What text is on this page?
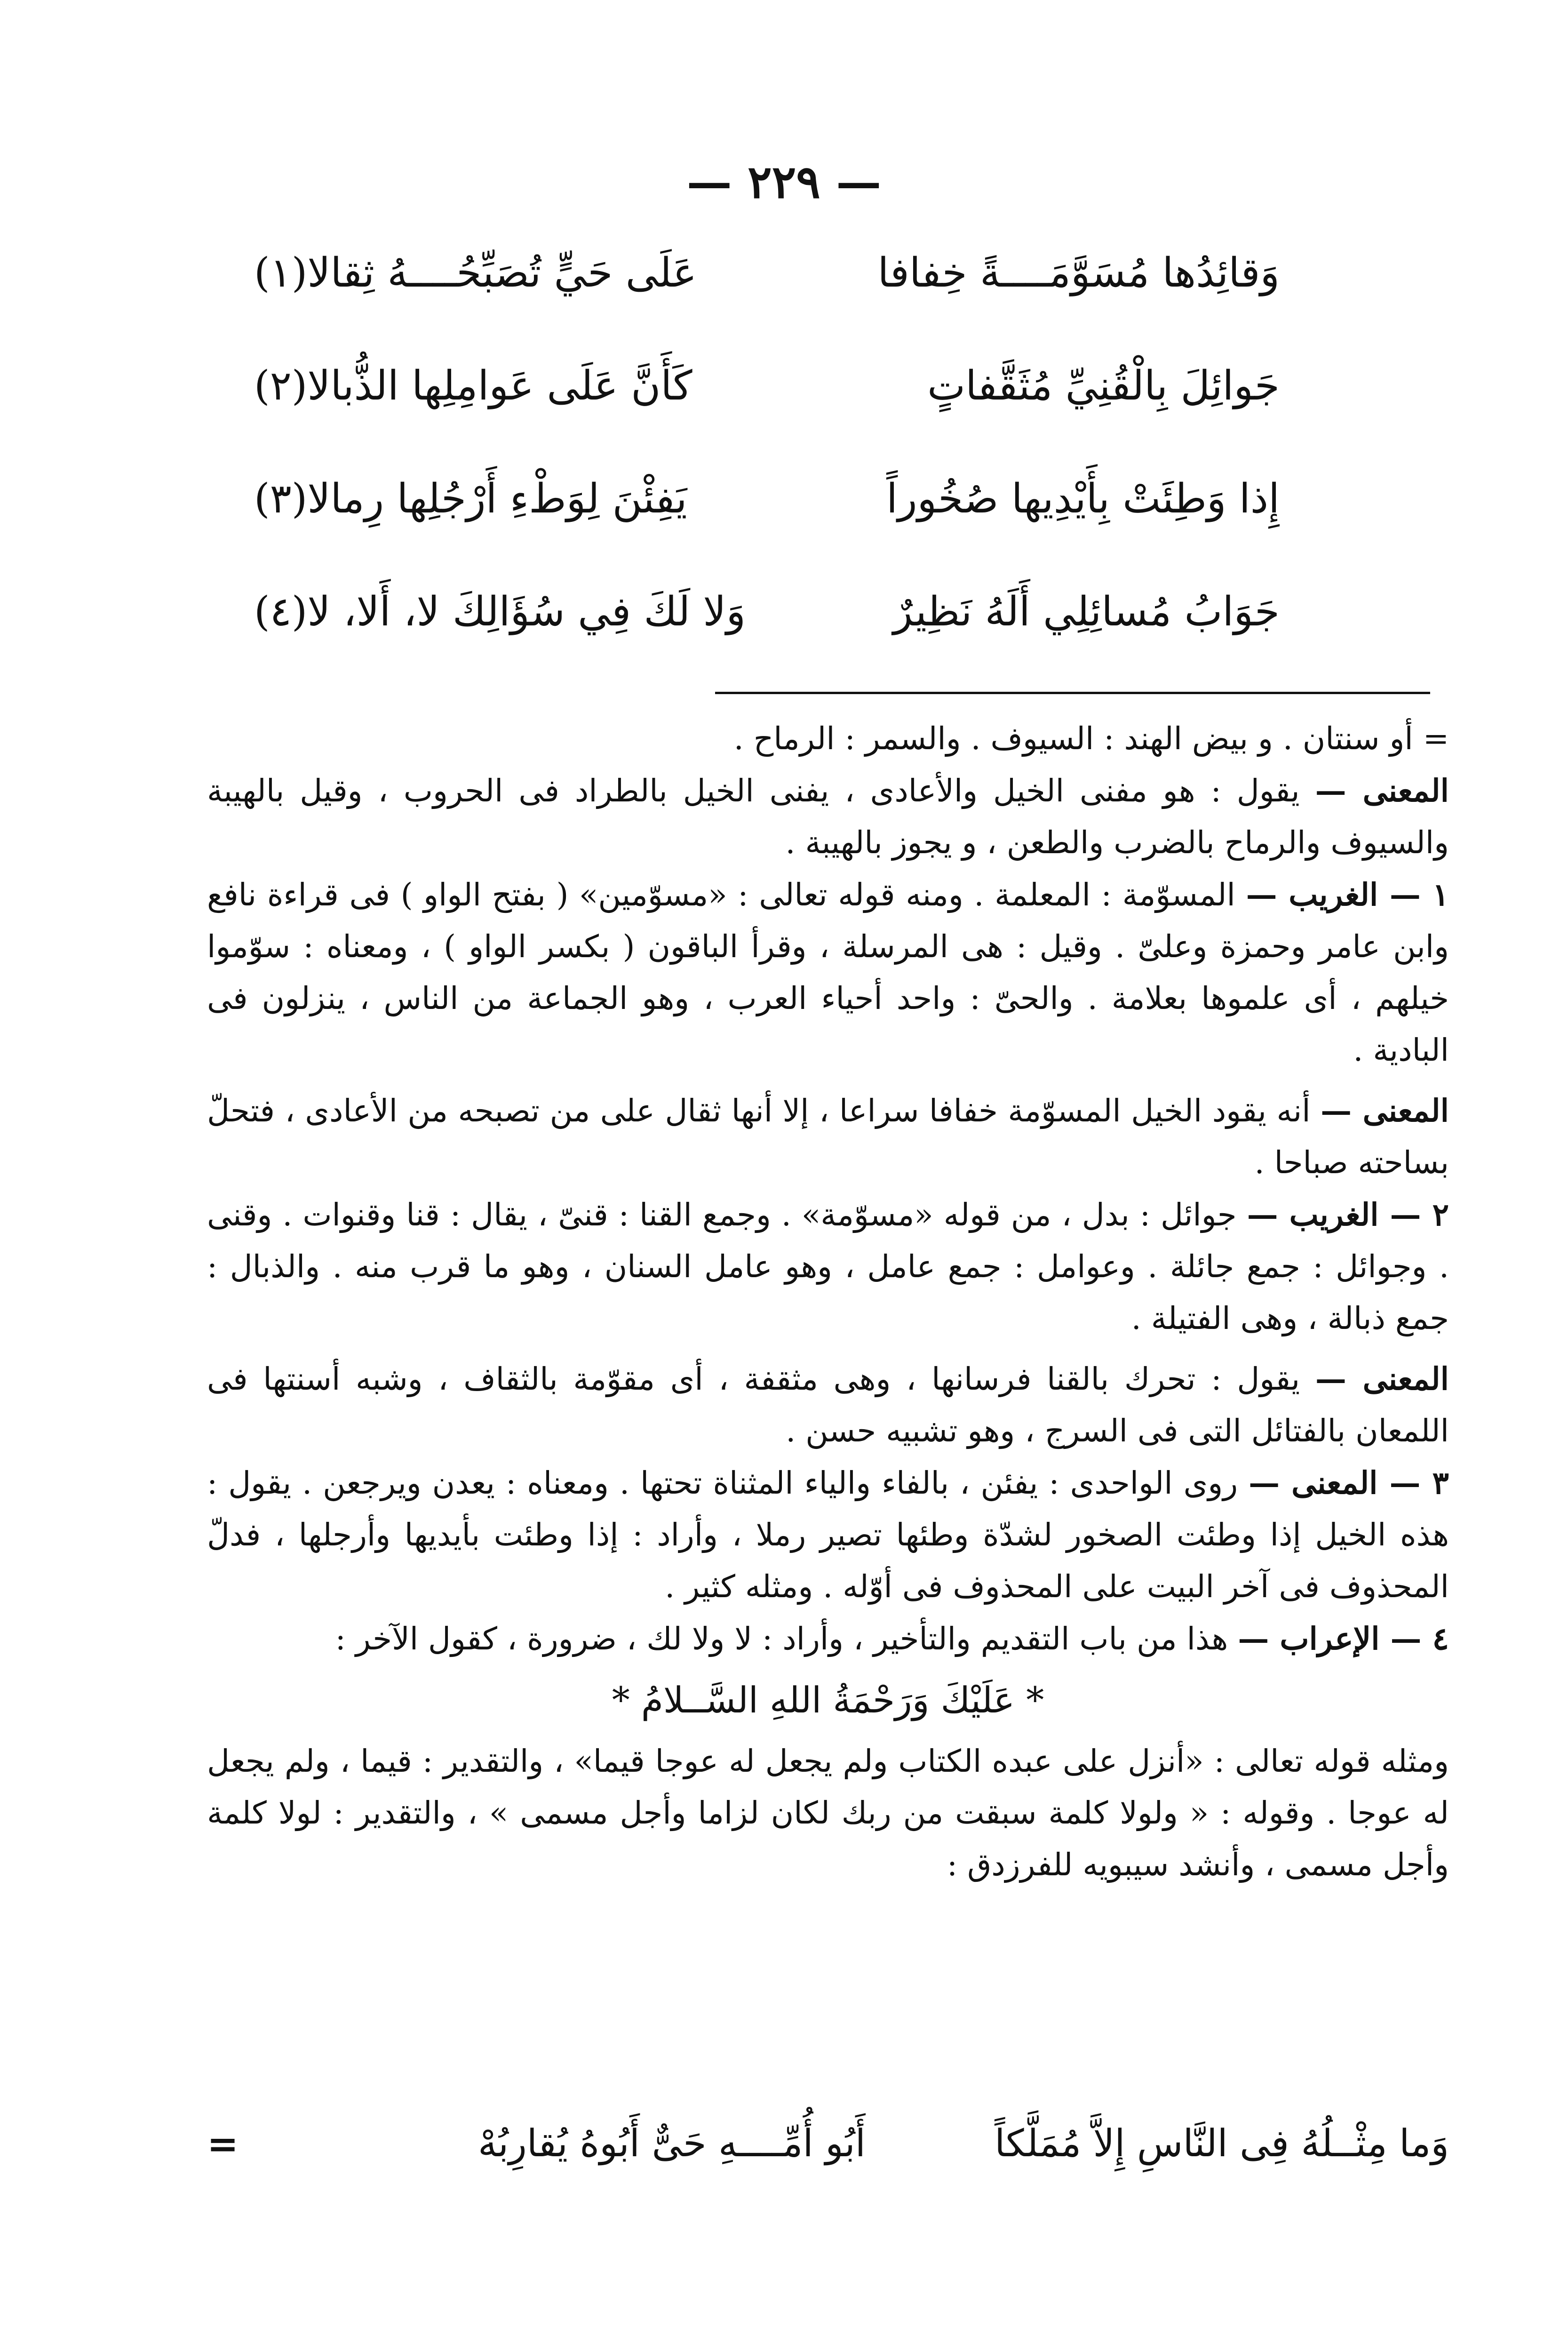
— ٢٢٩ —
وَقائِدُها مُسَوَّمَــــةً خِفافا
عَلَى حَيٍّ تُصَبِّحُــــهُ ثِقالا(١)
جَوائِلَ بِالْقُنِيِّ مُثَقَّفاتٍ
كَأَنَّ عَلَى عَوامِلِها الذُّبالا(٢)
إِذا وَطِئَتْ بِأَيْدِيها صُخُوراً
يَفِئْنَ لِوَطْءِ أَرْجُلِها رِمالا(٣)
جَوَابُ مُسائِلِي أَلَهُ نَظِيرٌ
وَلا لَكَ فِي سُؤَالِكَ لا، أَلا، لا(٤)

= أو سنتان . و بيض الهند : السيوف . والسمر : الرماح .

المعنى — يقول : هو مفنى الخيل والأعادى ، يفنى الخيل بالطراد فى الحروب ، وقيل بالهيبة والسيوف والرماح بالضرب والطعن ، و يجوز بالهيبة .

١ — الغريب — المسوّمة : المعلمة . ومنه قوله تعالى : «مسوّمين» ( بفتح الواو ) فى قراءة نافع وابن عامر وحمزة وعلىّ . وقيل : هى المرسلة ، وقرأ الباقون ( بكسر الواو ) ، ومعناه : سوّموا خيلهم ، أى علموها بعلامة . والحىّ : واحد أحياء العرب ، وهو الجماعة من الناس ، ينزلون فى البادية .

المعنى — أنه يقود الخيل المسوّمة خفافا سراعا ، إلا أنها ثقال على من تصبحه من الأعادى ، فتحلّ بساحته صباحا .

٢ — الغريب — جوائل : بدل ، من قوله «مسوّمة» . وجمع القنا : قنىّ ، يقال : قنا وقنوات . وقنى . وجوائل : جمع جائلة . وعوامل : جمع عامل ، وهو عامل السنان ، وهو ما قرب منه . والذبال : جمع ذبالة ، وهى الفتيلة .

المعنى — يقول : تحرك بالقنا فرسانها ، وهى مثقفة ، أى مقوّمة بالثقاف ، وشبه أسنتها فى اللمعان بالفتائل التى فى السرج ، وهو تشبيه حسن .

٣ — المعنى — روى الواحدى : يفئن ، بالفاء والياء المثناة تحتها . ومعناه : يعدن ويرجعن . يقول : هذه الخيل إذا وطئت الصخور لشدّة وطئها تصير رملا ، وأراد : إذا وطئت بأيديها وأرجلها ، فدلّ المحذوف فى آخر البيت على المحذوف فى أوّله . ومثله كثير .

٤ — الإعراب — هذا من باب التقديم والتأخير ، وأراد : لا ولا لك ، ضرورة ، كقول الآخر :

* عَلَيْكَ وَرَحْمَةُ اللهِ السَّــلامُ *

ومثله قوله تعالى : «أنزل على عبده الكتاب ولم يجعل له عوجا قيما» ، والتقدير : قيما ، ولم يجعل له عوجا . وقوله : « ولولا كلمة سبقت من ربك لكان لزاما وأجل مسمى » ، والتقدير : لولا كلمة وأجل مسمى ، وأنشد سيبويه للفرزدق :

وَما مِثْــلُهُ فِى النَّاسِ إِلاَّ مُمَلَّكاً
أَبُو أُمِّــــهِ حَىٌّ أَبُوهُ يُقارِبُهْ
=
